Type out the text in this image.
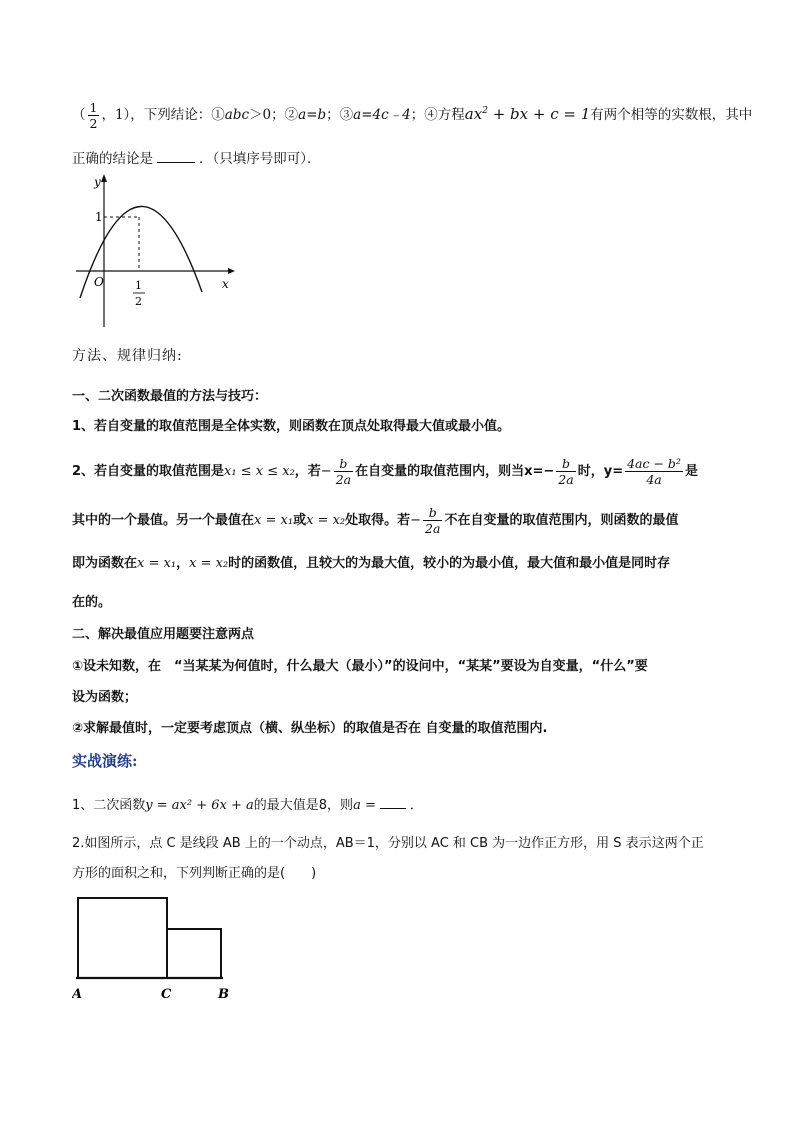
（ $\frac{1}{2}$ ，1），下列结论：①abc＞0；②a=b；③a=4c﹣4；④方程$ax^2$ + bx + c = 1有两个相等的实数根，其中
正确的结论是	．（只填序号即可）．
y
x
O
1
1
2
方法、规律归纳:
一、二次函数最值的方法与技巧：
1、若自变量的取值范围是全体实数，则函数在顶点处取得最大值或最小值。
2、若自变量的取值范围是x₁ ≤ x ≤ x₂，若− $\frac{b}{2a}$ 在自变量的取值范围内，则当$x=- \frac{b}{2a}$ 时，$y= \frac{\text{4ac − b²}}{4a}$ 是
其中的一个最值。另一个最值在x = x₁或x = x₂处取得。若− $\frac{b}{2a}$ 不在自变量的取值范围内，则函数的最值
即为函数在x = x₁，x = x₂时的函数值，且较大的为最大值，较小的为最小值，最大值和最小值是同时存
在的。
二、解决最值应用题要注意两点
①设未知数，在　“当某某为何值时，什么最大（最小）”的设问中，“某某”要设为自变量，“什么”要
设为函数；
②求解最值时，一定要考虑顶点（横、纵坐标）的取值是否在 自变量的取值范围内.
实战演练:
1、二次函数y = ax² + 6x + a的最大值是8，则a =	．
2.如图所示，点 C 是线段 AB 上的一个动点，AB＝1，分别以 AC 和 CB 为一边作正方形，用 S 表示这两个正
方形的面积之和，下列判断正确的是(　　)
A	C	B
